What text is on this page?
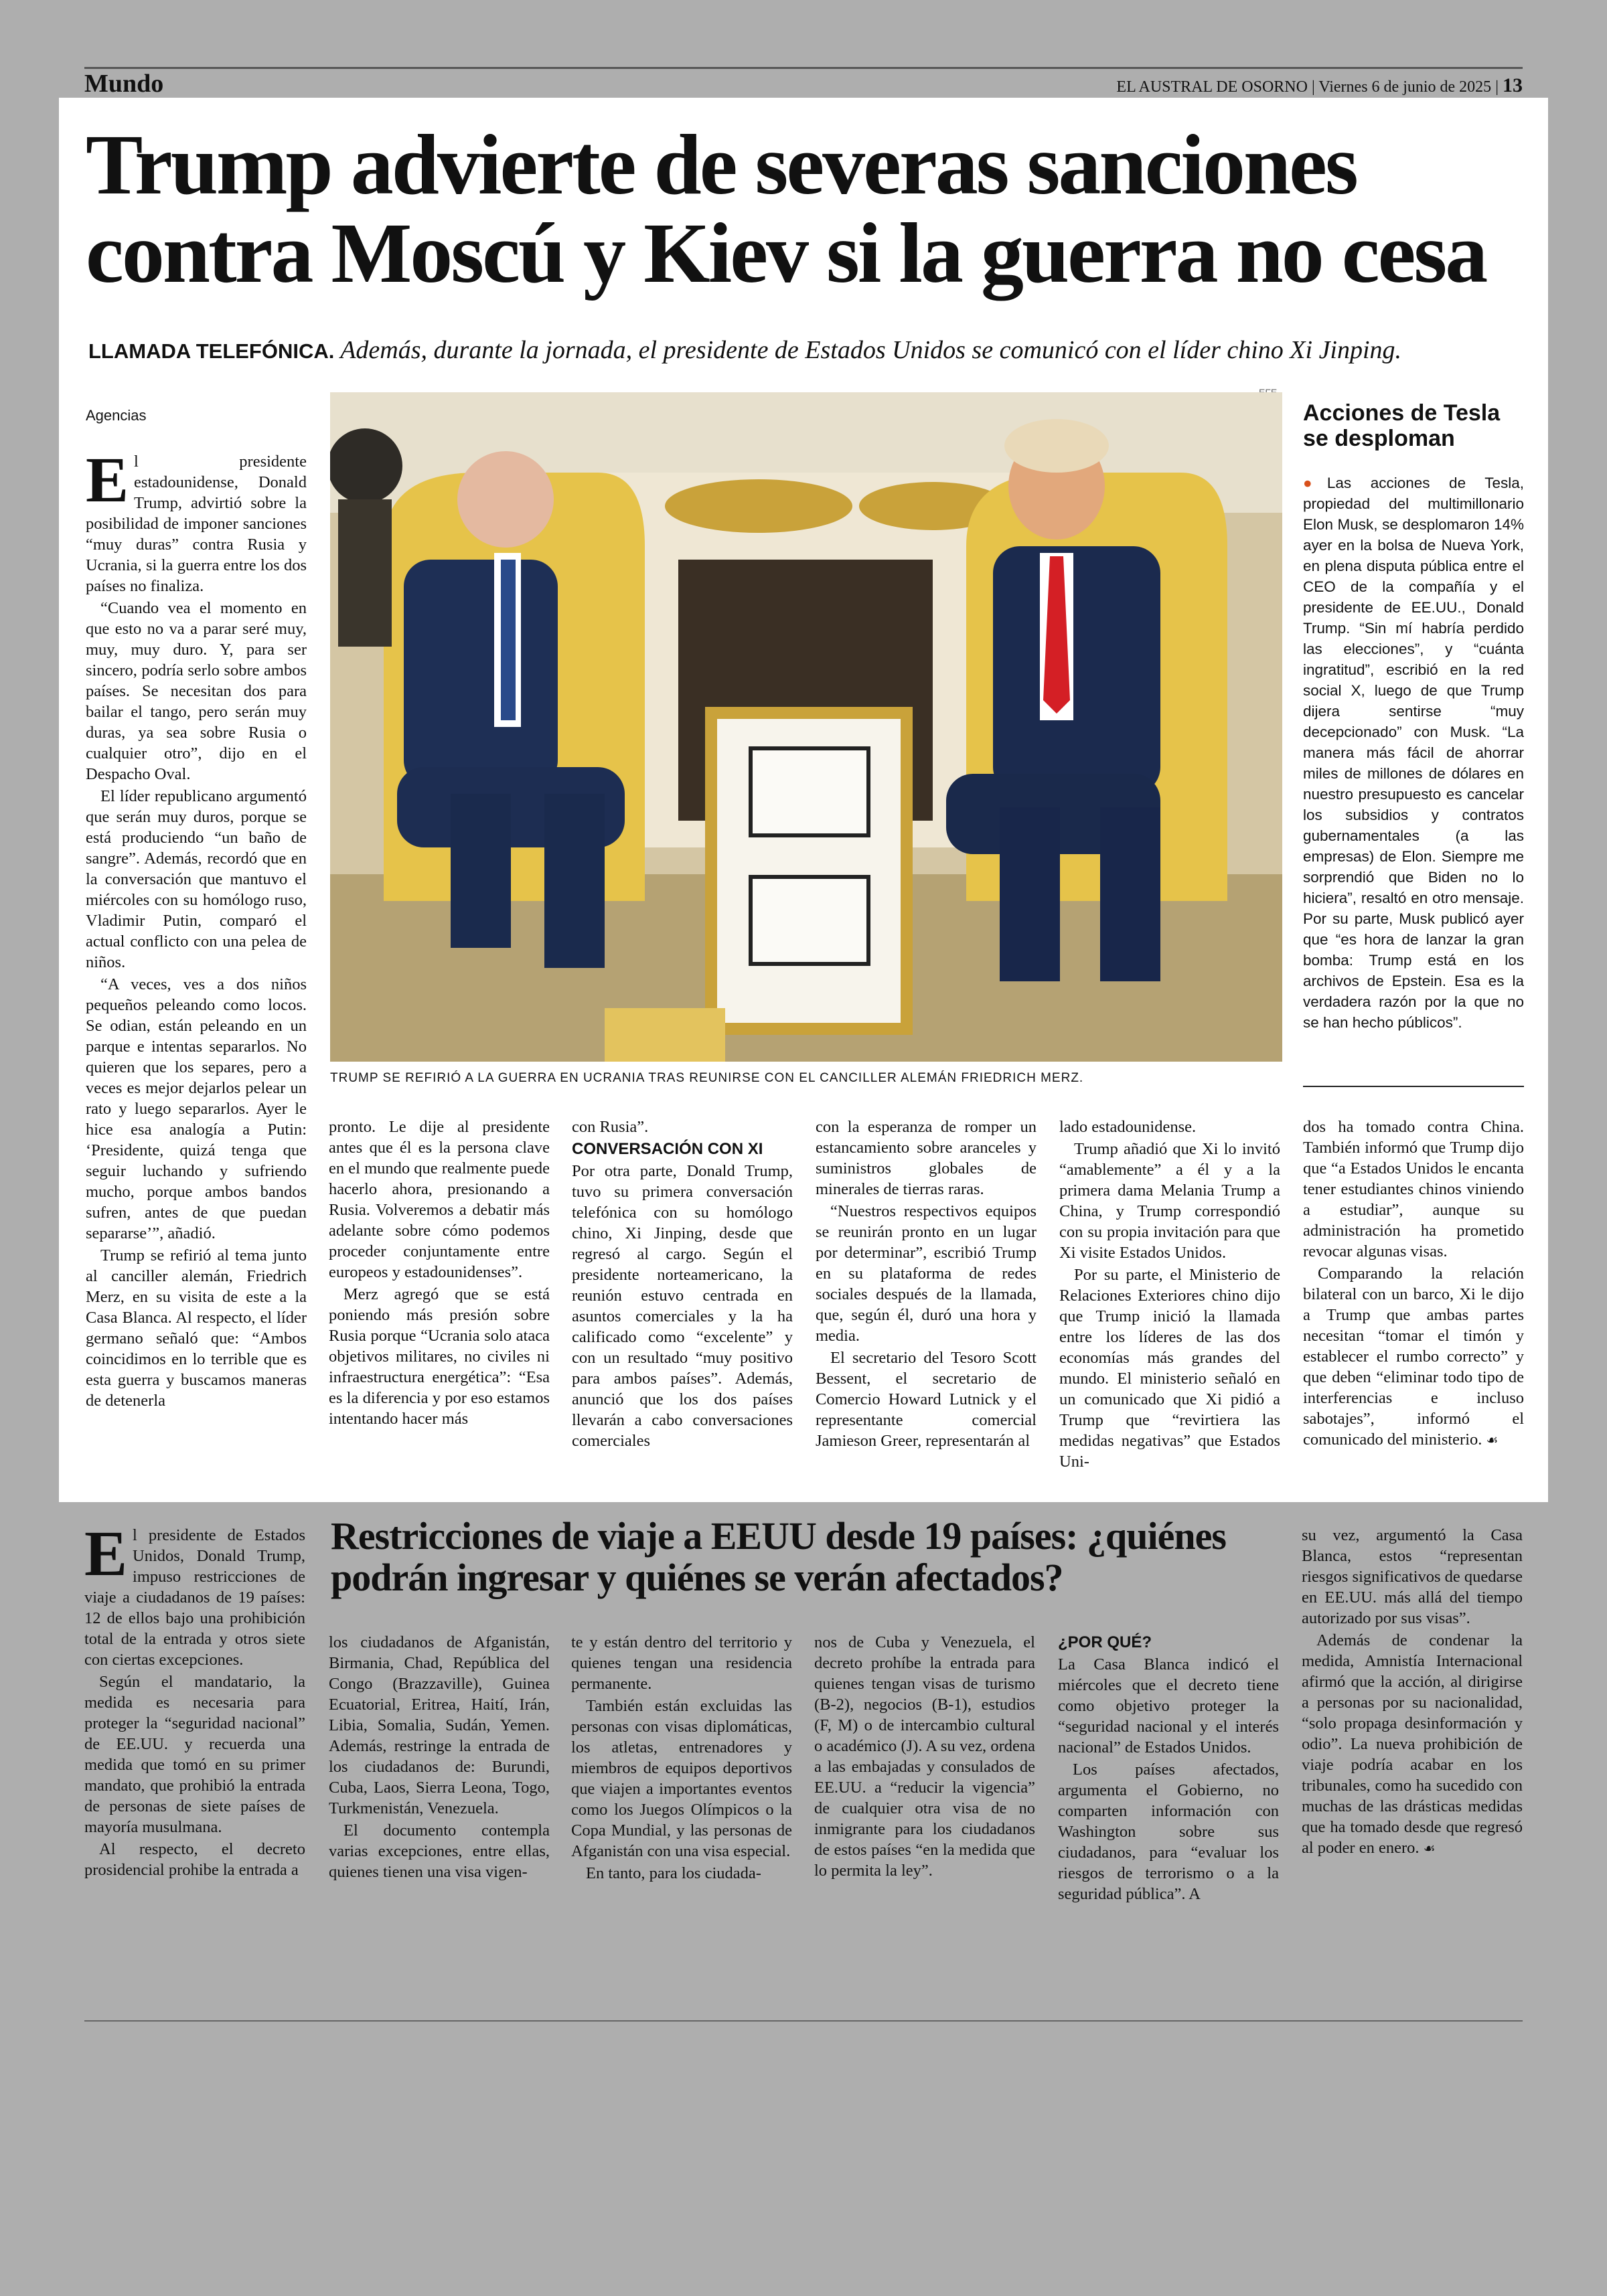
Mundo	EL AUSTRAL DE OSORNO | Viernes 6 de junio de 2025 | 13
Trump advierte de severas sanciones
contra Moscú y Kiev si la guerra no cesa
LLAMADA TELEFÓNICA. Además, durante la jornada, el presidente de Estados Unidos se comunicó con el líder chino Xi Jinping.
Agencias

El presidente estadounidense, Donald Trump, advirtió sobre la posibilidad de imponer sanciones “muy duras” contra Rusia y Ucrania, si la guerra entre los dos países no finaliza.

“Cuando vea el momento en que esto no va a parar seré muy, muy, muy duro. Y, para ser sincero, podría serlo sobre ambos países. Se necesitan dos para bailar el tango, pero serán muy duras, ya sea sobre Rusia o cualquier otro”, dijo en el Despacho Oval.

El líder republicano argumentó que serán muy duros, porque se está produciendo “un baño de sangre”. Además, recordó que en la conversación que mantuvo el miércoles con su homólogo ruso, Vladimir Putin, comparó el actual conflicto con una pelea de niños.

“A veces, ves a dos niños pequeños peleando como locos. Se odian, están peleando en un parque e intentas separarlos. No quieren que los separes, pero a veces es mejor dejarlos pelear un rato y luego separarlos. Ayer le hice esa analogía a Putin: ‘Presidente, quizá tenga que seguir luchando y sufriendo mucho, porque ambos bandos sufren, antes de que puedan separarse’”, añadió.

Trump se refirió al tema junto al canciller alemán, Friedrich Merz, en su visita de este a la Casa Blanca. Al respecto, el líder germano señaló que: “Ambos coincidimos en lo terrible que es esta guerra y buscamos maneras de detenerla

TRUMP SE REFIRIÓ A LA GUERRA EN UCRANIA TRAS REUNIRSE CON EL CANCILLER ALEMÁN FRIEDRICH MERZ.
Acciones de Tesla se desploman

●Las acciones de Tesla, propiedad del multimillonario Elon Musk, se desplomaron 14% ayer en la bolsa de Nueva York, en plena disputa pública entre el CEO de la compañía y el presidente de EE.UU., Donald Trump. “Sin mí habría perdido las elecciones”, y “cuánta ingratitud”, escribió en la red social X, luego de que Trump dijera sentirse “muy decepcionado” con Musk. “La manera más fácil de ahorrar miles de millones de dólares en nuestro presupuesto es cancelar los subsidios y contratos gubernamentales (a las empresas) de Elon. Siempre me sorprendió que Biden no lo hiciera”, resaltó en otro mensaje. Por su parte, Musk publicó ayer que “es hora de lanzar la gran bomba: Trump está en los archivos de Epstein. Esa es la verdadera razón por la que no se han hecho públicos”.

pronto. Le dije al presidente antes que él es la persona clave en el mundo que realmente puede hacerlo ahora, presionando a Rusia. Volveremos a debatir más adelante sobre cómo podemos proceder conjuntamente entre europeos y estadounidenses”.

Merz agregó que se está poniendo más presión sobre Rusia porque “Ucrania solo ataca objetivos militares, no civiles ni infraestructura energética”: “Esa es la diferencia y por eso estamos intentando hacer más

con Rusia”.

CONVERSACIÓN CON XI

Por otra parte, Donald Trump, tuvo su primera conversación telefónica con su homólogo chino, Xi Jinping, desde que regresó al cargo. Según el presidente norteamericano, la reunión estuvo centrada en asuntos comerciales y la ha calificado como “excelente” y con un resultado “muy positivo para ambos países”. Además, anunció que los dos países llevarán a cabo conversaciones comerciales

con la esperanza de romper un estancamiento sobre aranceles y suministros globales de minerales de tierras raras.

“Nuestros respectivos equipos se reunirán pronto en un lugar por determinar”, escribió Trump en su plataforma de redes sociales después de la llamada, que, según él, duró una hora y media.

El secretario del Tesoro Scott Bessent, el secretario de Comercio Howard Lutnick y el representante comercial Jamieson Greer, representarán al

lado estadounidense.

Trump añadió que Xi lo invitó “amablemente” a él y a la primera dama Melania Trump a China, y Trump correspondió con su propia invitación para que Xi visite Estados Unidos.

Por su parte, el Ministerio de Relaciones Exteriores chino dijo que Trump inició la llamada entre los líderes de las dos economías más grandes del mundo. El ministerio señaló en un comunicado que Xi pidió a Trump que “revirtiera las medidas negativas” que Estados Uni-

dos ha tomado contra China. También informó que Trump dijo que “a Estados Unidos le encanta tener estudiantes chinos viniendo a estudiar”, aunque su administración ha prometido revocar algunas visas.

Comparando la relación bilateral con un barco, Xi le dijo a Trump que ambas partes necesitan “tomar el timón y establecer el rumbo correcto” y que deben “eliminar todo tipo de interferencias e incluso sabotajes”, informó el comunicado del ministerio. ☙

El presidente de Estados Unidos, Donald Trump, impuso restricciones de viaje a ciudadanos de 19 países: 12 de ellos bajo una prohibición total de la entrada y otros siete con ciertas excepciones.

Según el mandatario, la medida es necesaria para proteger la “seguridad nacional” de EE.UU. y recuerda una medida que tomó en su primer mandato, que prohibió la entrada de personas de siete países de mayoría musulmana.

Al respecto, el decreto prosidencial prohibe la entrada a

Restricciones de viaje a EEUU desde 19 países: ¿quiénes podrán ingresar y quiénes se verán afectados?

los ciudadanos de Afganistán, Birmania, Chad, República del Congo (Brazzaville), Guinea Ecuatorial, Eritrea, Haití, Irán, Libia, Somalia, Sudán, Yemen. Además, restringe la entrada de los ciudadanos de: Burundi, Cuba, Laos, Sierra Leona, Togo, Turkmenistán, Venezuela.

El documento contempla varias excepciones, entre ellas, quienes tienen una visa vigen-

te y están dentro del territorio y quienes tengan una residencia permanente.

También están excluidas las personas con visas diplomáticas, los atletas, entrenadores y miembros de equipos deportivos que viajen a importantes eventos como los Juegos Olímpicos o la Copa Mundial, y las personas de Afganistán con una visa especial.

En tanto, para los ciudada-

nos de Cuba y Venezuela, el decreto prohíbe la entrada para quienes tengan visas de turismo (B-2), negocios (B-1), estudios (F, M) o de intercambio cultural o académico (J). A su vez, ordena a las embajadas y consulados de EE.UU. a “reducir la vigencia” de cualquier otra visa de no inmigrante para los ciudadanos de estos países “en la medida que lo permita la ley”.

¿POR QUÉ?

La Casa Blanca indicó el miércoles que el decreto tiene como objetivo proteger la “seguridad nacional y el interés nacional” de Estados Unidos.

Los países afectados, argumenta el Gobierno, no comparten información con Washington sobre sus ciudadanos, para “evaluar los riesgos de terrorismo o a la seguridad pública”. A

su vez, argumentó la Casa Blanca, estos “representan riesgos significativos de quedarse en EE.UU. más allá del tiempo autorizado por sus visas”.

Además de condenar la medida, Amnistía Internacional afirmó que la acción, al dirigirse a personas por su nacionalidad, “solo propaga desinformación y odio”. La nueva prohibición de viaje podría acabar en los tribunales, como ha sucedido con muchas de las drásticas medidas que ha tomado desde que regresó al poder en enero. ☙
